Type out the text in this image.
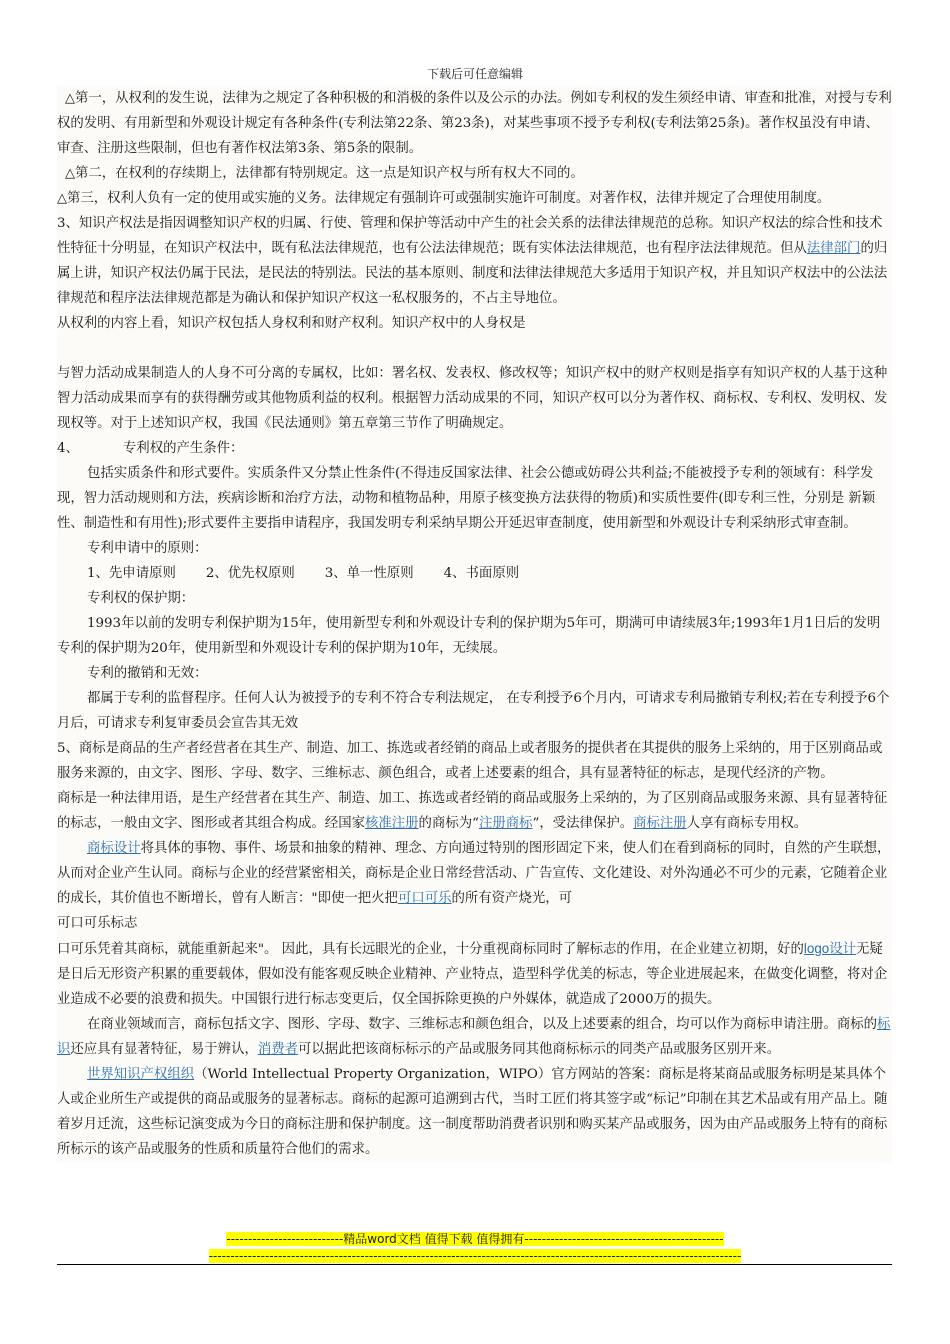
下载后可任意编辑

△第一，从权利的发生说，法律为之规定了各种积极的和消极的条件以及公示的办法。例如专利权的发生须经申请、审查和批准，对授与专利权的发明、有用新型和外观设计规定有各种条件(专利法第22条、第23条)，对某些事项不授予专利权(专利法第25条)。著作权虽没有申请、审查、注册这些限制，但也有著作权法第3条、第5条的限制。

△第二，在权利的存续期上，法律都有特别规定。这一点是知识产权与所有权大不同的。

△第三，权利人负有一定的使用或实施的义务。法律规定有强制许可或强制实施许可制度。对著作权，法律并规定了合理使用制度。

3、知识产权法是指因调整知识产权的归属、行使、管理和保护等活动中产生的社会关系的法律法律规范的总称。知识产权法的综合性和技术性特征十分明显，在知识产权法中，既有私法法律规范，也有公法法律规范；既有实体法法律规范，也有程序法法律规范。但从法律部门的归属上讲，知识产权法仍属于民法，是民法的特别法。民法的基本原则、制度和法律法律规范大多适用于知识产权，并且知识产权法中的公法法律规范和程序法法律规范都是为确认和保护知识产权这一私权服务的，不占主导地位。

从权利的内容上看，知识产权包括人身权利和财产权利。知识产权中的人身权是

与智力活动成果制造人的人身不可分离的专属权，比如：署名权、发表权、修改权等；知识产权中的财产权则是指享有知识产权的人基于这种智力活动成果而享有的获得酬劳或其他物质利益的权利。根据智力活动成果的不同，知识产权可以分为著作权、商标权、专利权、发明权、发现权等。对于上述知识产权，我国《民法通则》第五章第三节作了明确规定。

4、	专利权的产生条件：

包括实质条件和形式要件。实质条件又分禁止性条件(不得违反国家法律、社会公德或妨碍公共利益;不能被授予专利的领域有：科学发现，智力活动规则和方法，疾病诊断和治疗方法，动物和植物品种，用原子核变换方法获得的物质)和实质性要件(即专利三性，分别是 新颖性、制造性和有用性);形式要件主要指申请程序，我国发明专利采纳早期公开延迟审查制度，使用新型和外观设计专利采纳形式审查制。

专利申请中的原则：

1、先申请原则 2、优先权原则 3、单一性原则 4、书面原则

专利权的保护期：

1993年以前的发明专利保护期为15年，使用新型专利和外观设计专利的保护期为5年可，期满可申请续展3年;1993年1月1日后的发明专利的保护期为20年，使用新型和外观设计专利的保护期为10年，无续展。

专利的撤销和无效：

都属于专利的监督程序。任何人认为被授予的专利不符合专利法规定， 在专利授予6个月内，可请求专利局撤销专利权;若在专利授予6个月后，可请求专利复审委员会宣告其无效

5、商标是商品的生产者经营者在其生产、制造、加工、拣选或者经销的商品上或者服务的提供者在其提供的服务上采纳的，用于区别商品或服务来源的，由文字、图形、字母、数字、三维标志、颜色组合，或者上述要素的组合，具有显著特征的标志，是现代经济的产物。

商标是一种法律用语，是生产经营者在其生产、制造、加工、拣选或者经销的商品或服务上采纳的，为了区别商品或服务来源、具有显著特征的标志，一般由文字、图形或者其组合构成。经国家核准注册的商标为“注册商标”，受法律保护。商标注册人享有商标专用权。

商标设计将具体的事物、事件、场景和抽象的精神、理念、方向通过特别的图形固定下来，使人们在看到商标的同时，自然的产生联想，从而对企业产生认同。商标与企业的经营紧密相关，商标是企业日常经营活动、广告宣传、文化建设、对外沟通必不可少的元素，它随着企业的成长，其价值也不断增长，曾有人断言："即使一把火把可口可乐的所有资产烧光，可

可口可乐标志

口可乐凭着其商标，就能重新起来"。 因此，具有长远眼光的企业，十分重视商标同时了解标志的作用，在企业建立初期，好的logo设计无疑是日后无形资产积累的重要载体，假如没有能客观反映企业精神、产业特点，造型科学优美的标志，等企业进展起来，在做变化调整，将对企业造成不必要的浪费和损失。中国银行进行标志变更后，仅全国拆除更换的户外媒体，就造成了2000万的损失。

在商业领域而言，商标包括文字、图形、字母、数字、三维标志和颜色组合，以及上述要素的组合，均可以作为商标申请注册。商标的标识还应具有显著特征，易于辨认，消费者可以据此把该商标标示的产品或服务同其他商标标示的同类产品或服务区别开来。

世界知识产权组织（World Intellectual Property Organization，WIPO）官方网站的答案：商标是将某商品或服务标明是某具体个人或企业所生产或提供的商品或服务的显著标志。商标的起源可追溯到古代，当时工匠们将其签字或“标记”印制在其艺术品或有用产品上。随着岁月迁流，这些标记演变成为今日的商标注册和保护制度。这一制度帮助消费者识别和购买某产品或服务，因为由产品或服务上特有的商标所标示的该产品或服务的性质和质量符合他们的需求。

---------------------------精品word文档 值得下载 值得拥有----------------------------------------------
---------------------------------------------------------------------------------------------------------------------------
